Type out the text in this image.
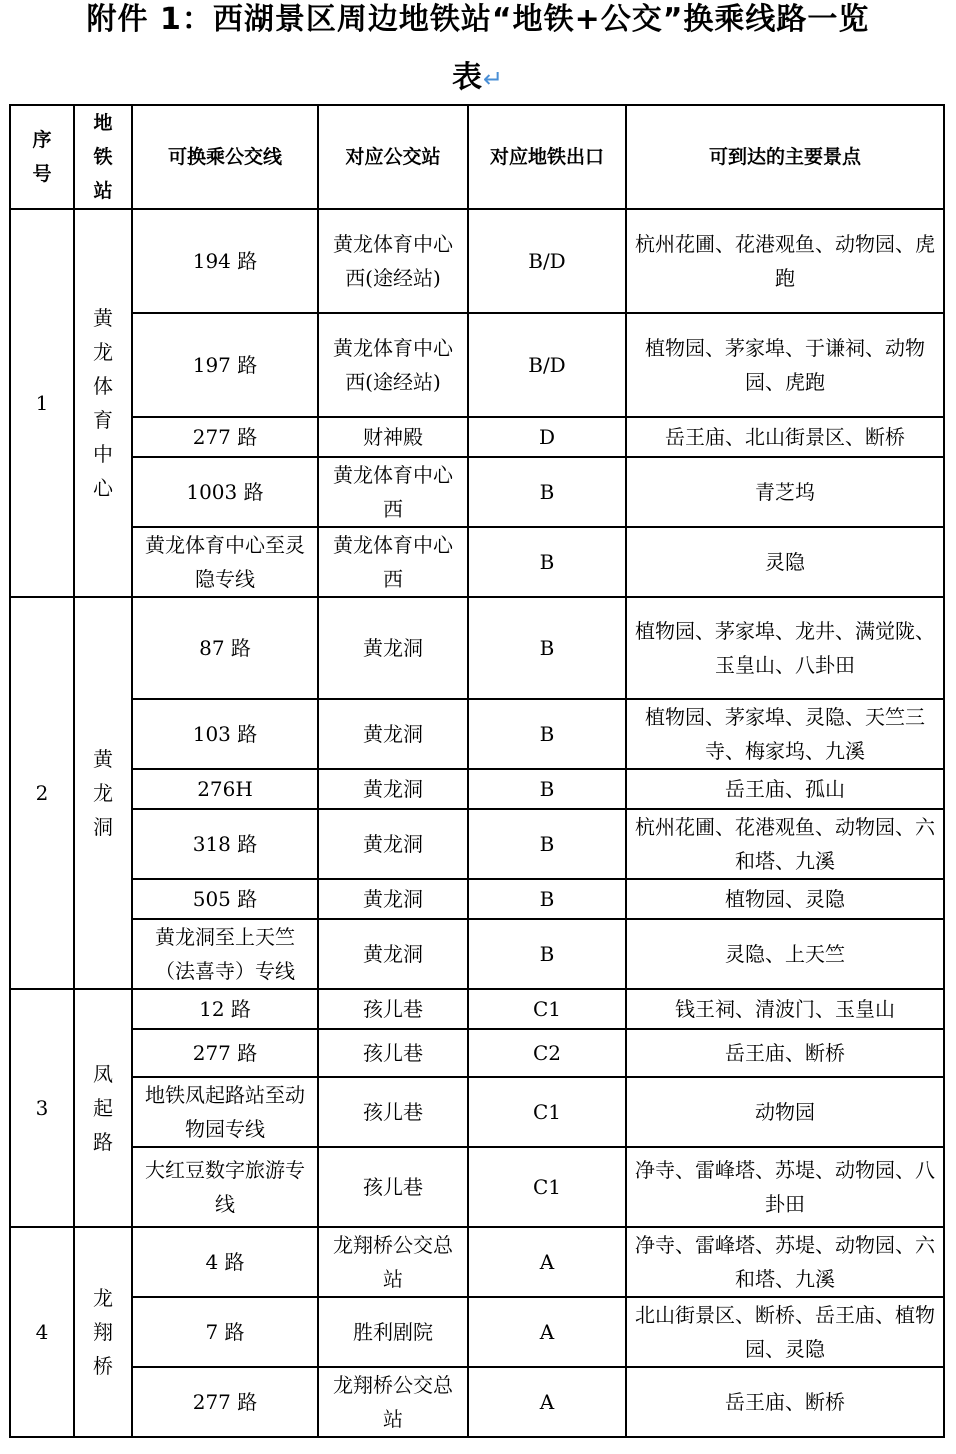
附件 1：西湖景区周边地铁站“地铁+公交”换乘线路一览
表↵
序号	地铁站	可换乘公交线	对应公交站	对应地铁出口	可到达的主要景点
1	黄龙体育中心	194 路	黄龙体育中心西(途经站)	B/D	杭州花圃、花港观鱼、动物园、虎跑
		197 路	黄龙体育中心西(途经站)	B/D	植物园、茅家埠、于谦祠、动物园、虎跑
		277 路	财神殿	D	岳王庙、北山街景区、断桥
		1003 路	黄龙体育中心西	B	青芝坞
		黄龙体育中心至灵隐专线	黄龙体育中心西	B	灵隐
2	黄龙洞	87 路	黄龙洞	B	植物园、茅家埠、龙井、满觉陇、玉皇山、八卦田
		103 路	黄龙洞	B	植物园、茅家埠、灵隐、天竺三寺、梅家坞、九溪
		276H	黄龙洞	B	岳王庙、孤山
		318 路	黄龙洞	B	杭州花圃、花港观鱼、动物园、六和塔、九溪
		505 路	黄龙洞	B	植物园、灵隐
		黄龙洞至上天竺（法喜寺）专线	黄龙洞	B	灵隐、上天竺
3	凤起路	12 路	孩儿巷	C1	钱王祠、清波门、玉皇山
		277 路	孩儿巷	C2	岳王庙、断桥
		地铁凤起路站至动物园专线	孩儿巷	C1	动物园
		大红豆数字旅游专线	孩儿巷	C1	净寺、雷峰塔、苏堤、动物园、八卦田
4	龙翔桥	4 路	龙翔桥公交总站	A	净寺、雷峰塔、苏堤、动物园、六和塔、九溪
		7 路	胜利剧院	A	北山街景区、断桥、岳王庙、植物园、灵隐
		277 路	龙翔桥公交总站	A	岳王庙、断桥
